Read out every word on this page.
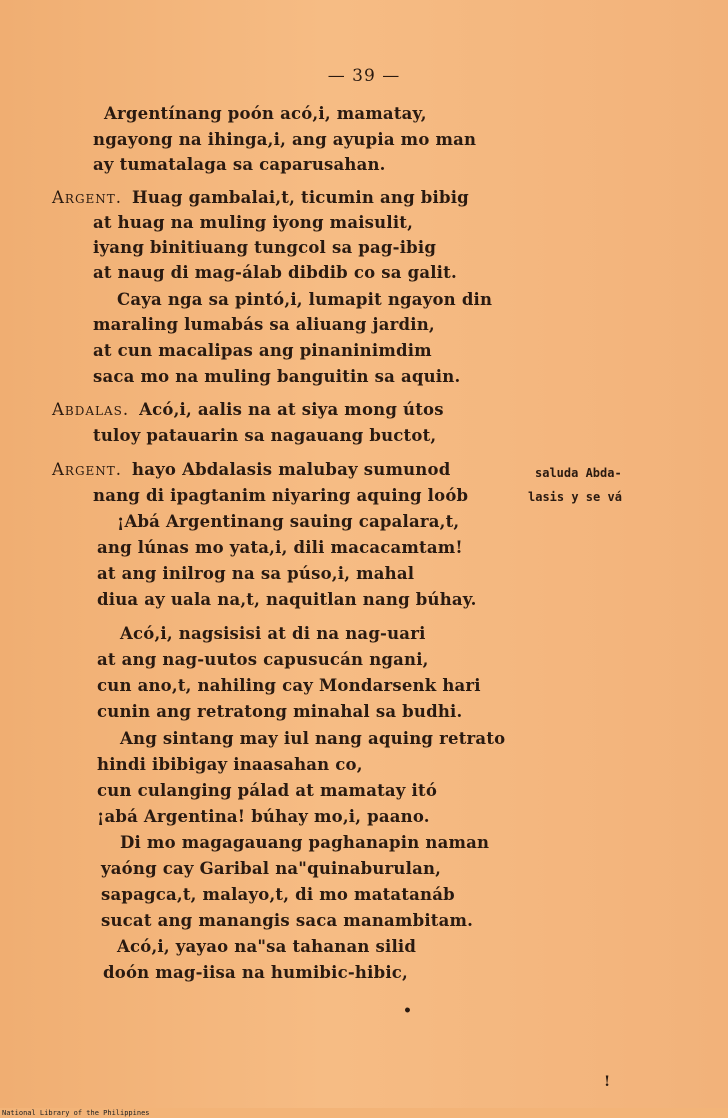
— 39 —
Argentínang poón acó,i, mamatay,
ngayong na ihinga,i, ang ayupia mo man
ay tumatalaga sa caparusahan.
Argent. Huag gambalai,t, ticumin ang bibig
at huag na muling iyong maisulit,
iyang binitiuang tungcol sa pag-ibig
at naug di mag-álab dibdib co sa galit.
Caya nga sa pintó,i, lumapit ngayon din
maraling lumabás sa aliuang jardin,
at cun macalipas ang pinaninimdim
saca mo na muling banguitin sa aquin.
Abdalas. Acó,i, aalis na at siya mong útos
tuloy patauarin sa nagauang buctot,
Argent. hayo Abdalasis malubay sumunod
nang di ipagtanim niyaring aquing loób
¡Abá Argentinang sauing capalara,t,
ang lúnas mo yata,i, dili macacamtam!
at ang inilrog na sa púso,i, mahal
diua ay uala na,t, naquitlan nang búhay.
Acó,i, nagsisisi at di na nag-uari
at ang nag-uutos capusucán ngani,
cun ano,t, nahiling cay Mondarsenk hari
cunin ang retratong minahal sa budhi.
Ang sintang may iul nang aquing retrato
hindi ibibigay inaasahan co,
cun culanging pálad at mamatay itó
¡abá Argentina! búhay mo,i, paano.
Di mo magagauang paghanapin naman
yaóng cay Garibal na"quinaburulan,
sapagca,t, malayo,t, di mo matatanáb
sucat ang manangis saca manambitam.
Acó,i, yayao na"sa tahanan silid
doón mag-iisa na humibic-hibic,
saluda Abda-
lasis y se vá
•
!
National Library of the Philippines
